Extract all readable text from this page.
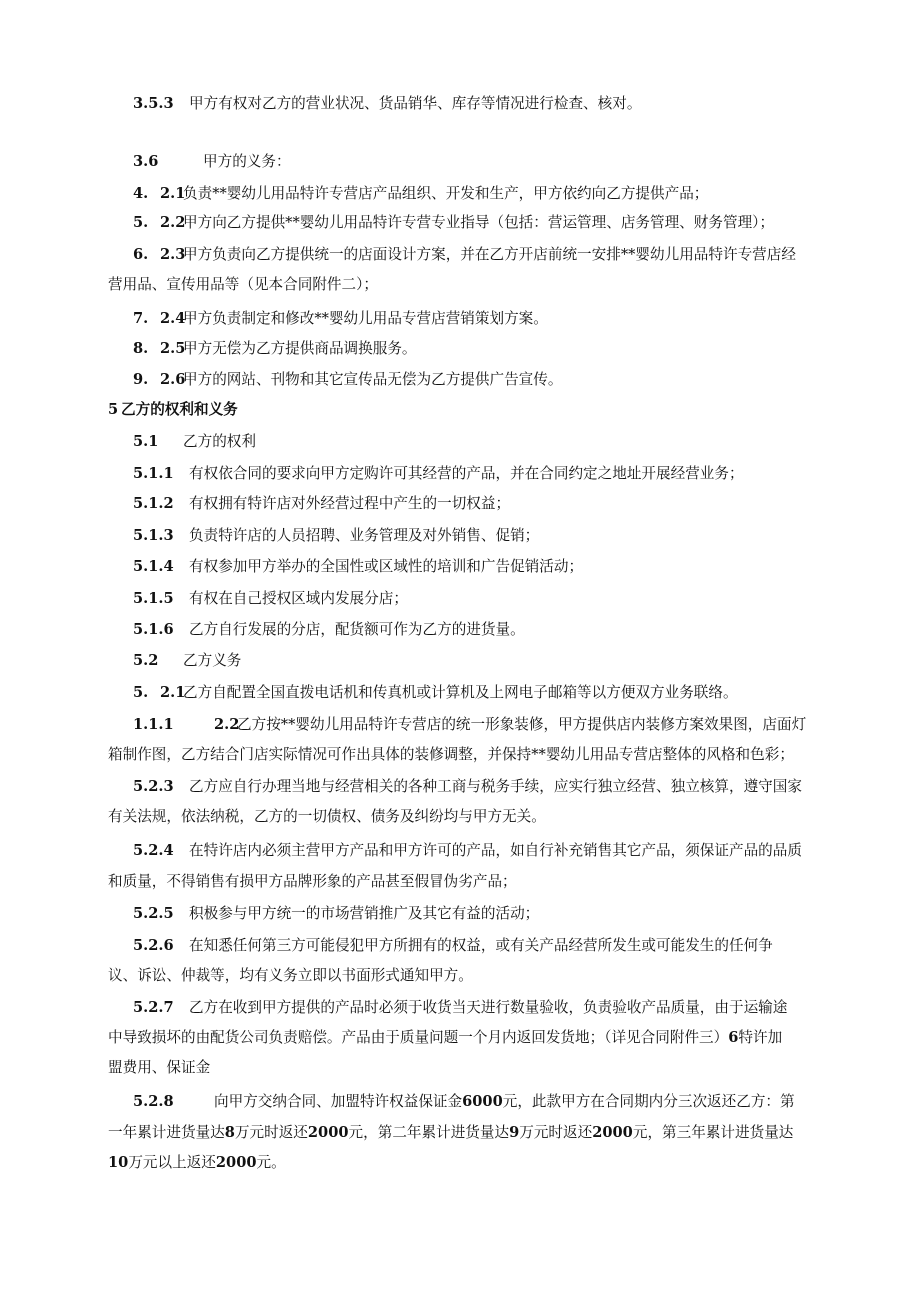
3.5.3 甲方有权对乙方的营业状况、货品销华、库存等情况进行检查、核对。
3.6	甲方的义务：
4. 2.1
负责**婴幼儿用品特许专营店产品组织、开发和生产，甲方依约向乙方提供产品；
5. 2.2
甲方向乙方提供**婴幼儿用品特许专营专业指导（包括：营运管理、店务管理、财务管理）；
6. 2.3
甲方负责向乙方提供统一的店面设计方案，并在乙方开店前统一安排**婴幼儿用品特许专营店经
营用品、宣传用品等（见本合同附件二）；
7. 2.4
甲方负责制定和修改**婴幼儿用品专营店营销策划方案。
8. 2.5
甲方无偿为乙方提供商品调换服务。
9. 2.6
甲方的网站、刊物和其它宣传品无偿为乙方提供广告宣传。
5 乙方的权利和义务
5.1 乙方的权利
5.1.1 有权依合同的要求向甲方定购许可其经营的产品，并在合同约定之地址开展经营业务；
5.1.2 有权拥有特许店对外经营过程中产生的一切权益；
5.1.3 负责特许店的人员招聘、业务管理及对外销售、促销；
5.1.4 有权参加甲方举办的全国性或区域性的培训和广告促销活动；
5.1.5 有权在自己授权区域内发展分店；
5.1.6 乙方自行发展的分店，配货额可作为乙方的进货量。
5.2 乙方义务
5. 2.1
乙方自配置全国直拨电话机和传真机或计算机及上网电子邮箱等以方便双方业务联络。
1.1.1	2.2
乙方按**婴幼儿用品特许专营店的统一形象装修，甲方提供店内装修方案效果图，店面灯
箱制作图，乙方结合门店实际情况可作出具体的装修调整，并保持**婴幼儿用品专营店整体的风格和色彩；
5.2.3 乙方应自行办理当地与经营相关的各种工商与税务手续，应实行独立经营、独立核算，遵守国家
有关法规，依法纳税，乙方的一切债权、债务及纠纷均与甲方无关。
5.2.4 在特许店内必须主营甲方产品和甲方许可的产品，如自行补充销售其它产品，须保证产品的品质
和质量，不得销售有损甲方品牌形象的产品甚至假冒伪劣产品；
5.2.5 积极参与甲方统一的市场营销推广及其它有益的活动；
5.2.6 在知悉任何第三方可能侵犯甲方所拥有的权益，或有关产品经营所发生或可能发生的任何争
议、诉讼、仲裁等，均有义务立即以书面形式通知甲方。
5.2.7 乙方在收到甲方提供的产品时必须于收货当天进行数量验收，负责验收产品质量，由于运输途
中导致损坏的由配货公司负责赔偿。产品由于质量问题一个月内返回发货地；（详见合同附件三）6特许加
盟费用、保证金
5.2.8	向甲方交纳合同、加盟特许权益保证金6000元，此款甲方在合同期内分三次返还乙方：第
一年累计进货量达8万元时返还2000元，第二年累计进货量达9万元时返还2000元，第三年累计进货量达
10万元以上返还2000元。
